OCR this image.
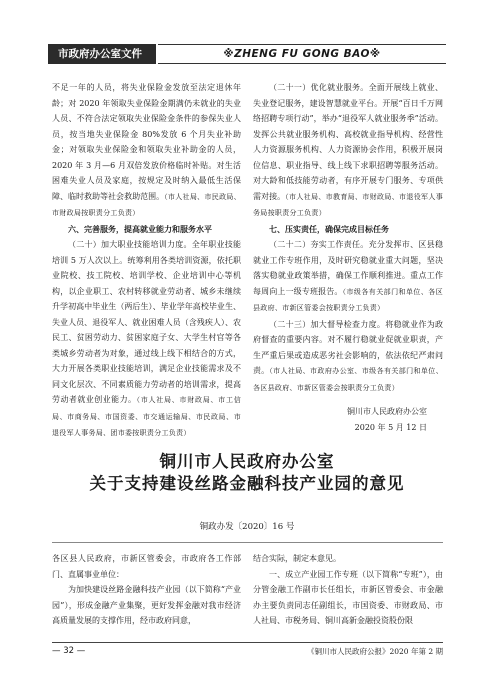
市政府办公室文件	※ZHENG FU GONG BAO※

不足一年的人员，将失业保险金发放至法定退休年龄；对 2020 年领取失业保险金期满仍未就业的失业人员、不符合法定领取失业保险金条件的参保失业人员，按当地失业保险金 80%发放 6 个月失业补助金；对领取失业保险金和领取失业补助金的人员，2020 年 3 月—6 月双倍发放价格临时补贴。对生活困难失业人员及家庭，按规定及时纳入最低生活保障、临时救助等社会救助范围。（市人社局、市民政局、市财政局按职责分工负责）

六、完善服务，提高就业能力和服务水平

（二十）加大职业技能培训力度。全年职业技能培训 5 万人次以上。统筹利用各类培训资源，依托职业院校、技工院校、培训学校、企业培训中心等机构，以企业职工、农村转移就业劳动者、城乡未继续升学初高中毕业生（两后生）、毕业学年高校毕业生、失业人员、退役军人、就业困难人员（含残疾人）、农民工、贫困劳动力、贫困家庭子女、大学生村官等各类城乡劳动者为对象，通过线上线下相结合的方式，大力开展各类职业技能培训，满足企业技能需求及不同文化层次、不同素质能力劳动者的培训需求，提高劳动者就业创业能力。（市人社局、市财政局、市工信局、市商务局、市国资委、市交通运输局、市民政局、市退役军人事务局、团市委按职责分工负责）

（二十一）优化就业服务。全面开展线上就业、失业登记服务，建设智慧就业平台。开展“百日千万网络招聘专项行动”，举办“退役军人就业服务季”活动。发挥公共就业服务机构、高校就业指导机构、经营性人力资源服务机构、人力资源协会作用，积极开展岗位信息、职业指导、线上线下求职招聘等服务活动。对大龄和低技能劳动者，有序开展专门服务、专项供需对接。（市人社局、市教育局、市财政局、市退役军人事务局按职责分工负责）

七、压实责任，确保完成目标任务

（二十二）夯实工作责任。充分发挥市、区县稳就业工作专班作用，及时研究稳就业重大问题，坚决落实稳就业政策举措，确保工作顺利推进。重点工作每周向上一级专班报告。（市级各有关部门和单位、各区县政府、市新区管委会按职责分工负责）

（二十三）加大督导检查力度。将稳就业作为政府督查的重要内容。对不履行稳就业促就业职责，产生严重后果或造成恶劣社会影响的，依法依纪严肃问责。（市人社局、市政府办公室、市级各有关部门和单位、各区县政府、市新区管委会按职责分工负责）

铜川市人民政府办公室

2020 年 5 月 12 日

铜川市人民政府办公室
关于支持建设丝路金融科技产业园的意见
铜政办发〔2020〕16 号

各区县人民政府，市新区管委会，市政府各工作部门、直属事业单位：

为加快建设丝路金融科技产业园（以下简称“产业园”），形成金融产业集聚，更好发挥金融对我市经济高质量发展的支撑作用，经市政府同意，

结合实际，制定本意见。

一、成立产业园工作专班（以下简称“专班”），由分管金融工作副市长任组长，市新区管委会、市金融办主要负责同志任副组长，市国资委、市财政局、市人社局、市税务局、铜川高新金融投资股份限

— 32 —	《铜川市人民政府公报》2020 年第 2 期
